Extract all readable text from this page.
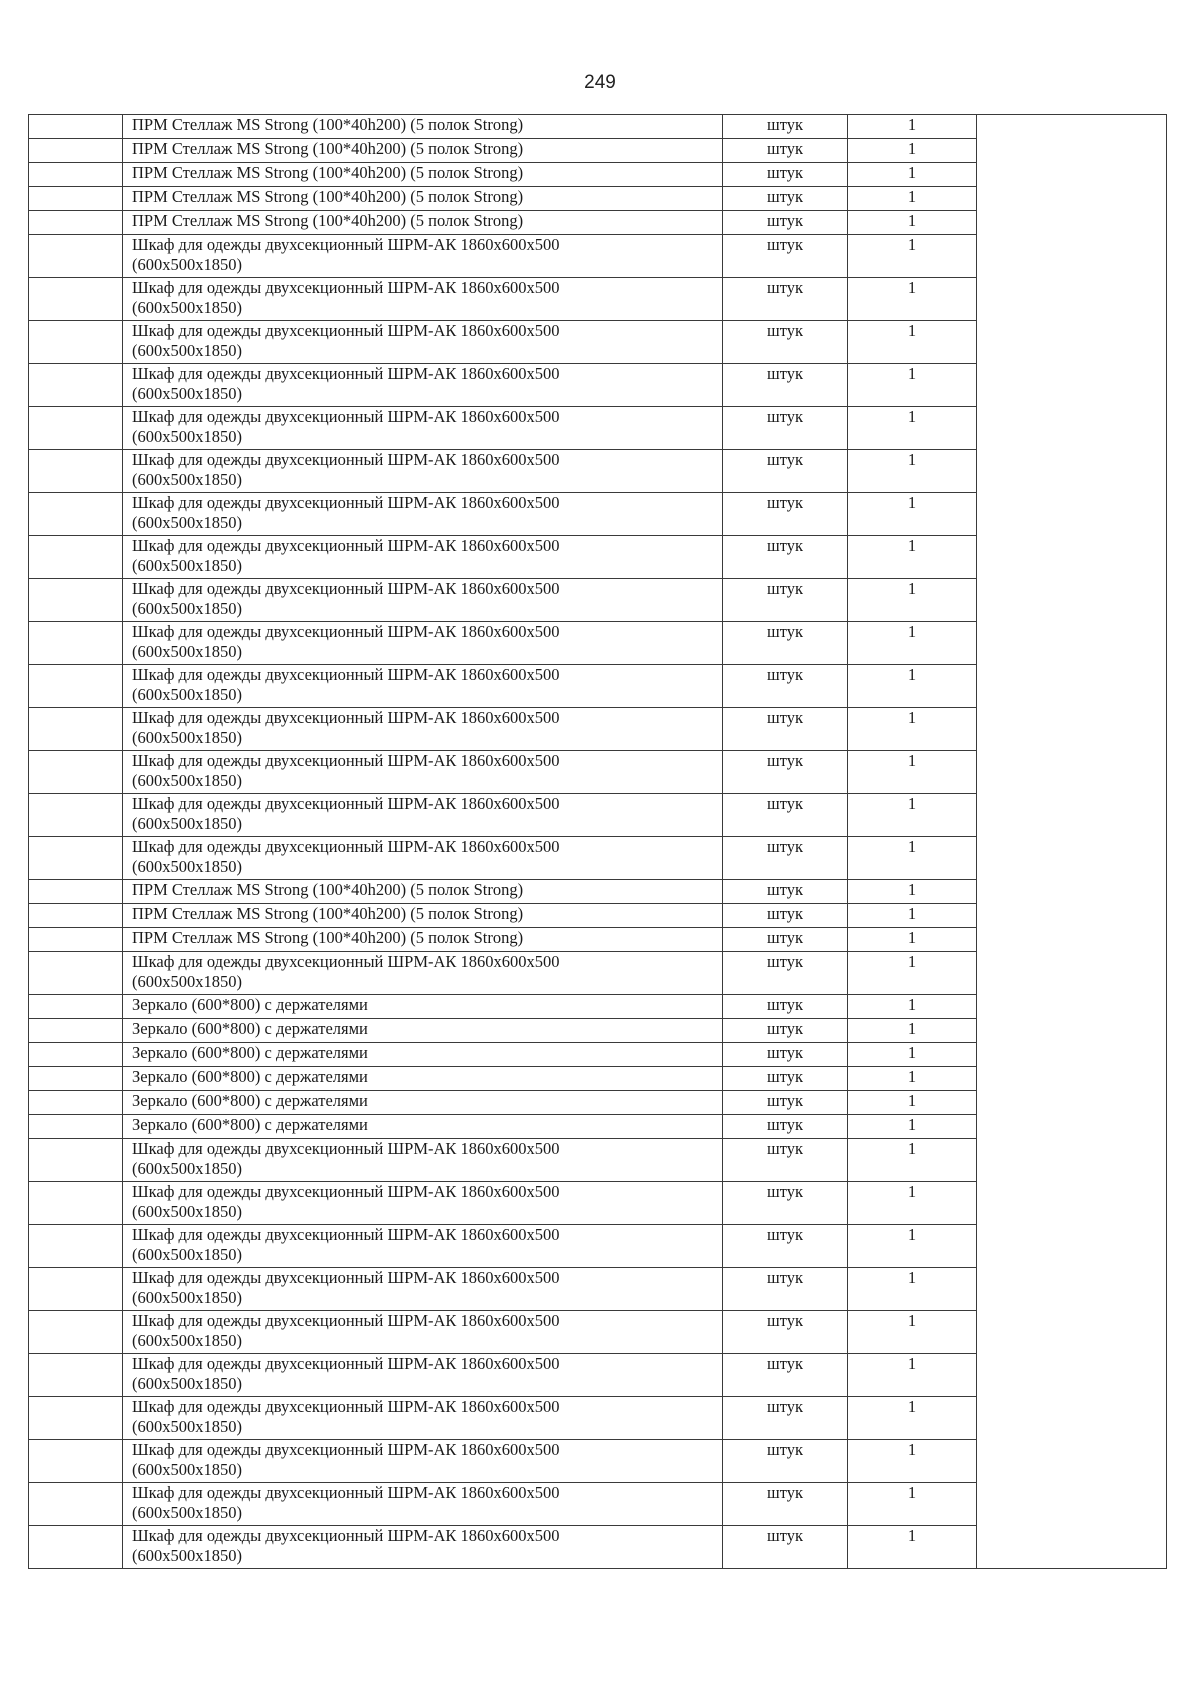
249

	ПРМ Стеллаж MS Strong (100*40h200) (5 полок Strong)	штук	1	

	ПРМ Стеллаж MS Strong (100*40h200) (5 полок Strong)	штук	1	

	ПРМ Стеллаж MS Strong (100*40h200) (5 полок Strong)	штук	1	

	ПРМ Стеллаж MS Strong (100*40h200) (5 полок Strong)	штук	1	

	ПРМ Стеллаж MS Strong (100*40h200) (5 полок Strong)	штук	1	

	Шкаф для одежды двухсекционный ШРМ-АК 1860х600х500
(600х500х1850)	штук	1	

	Шкаф для одежды двухсекционный ШРМ-АК 1860х600х500
(600х500х1850)	штук	1	

	Шкаф для одежды двухсекционный ШРМ-АК 1860х600х500
(600х500х1850)	штук	1	

	Шкаф для одежды двухсекционный ШРМ-АК 1860х600х500
(600х500х1850)	штук	1	

	Шкаф для одежды двухсекционный ШРМ-АК 1860х600х500
(600х500х1850)	штук	1	

	Шкаф для одежды двухсекционный ШРМ-АК 1860х600х500
(600х500х1850)	штук	1	

	Шкаф для одежды двухсекционный ШРМ-АК 1860х600х500
(600х500х1850)	штук	1	

	Шкаф для одежды двухсекционный ШРМ-АК 1860х600х500
(600х500х1850)	штук	1	

	Шкаф для одежды двухсекционный ШРМ-АК 1860х600х500
(600х500х1850)	штук	1	

	Шкаф для одежды двухсекционный ШРМ-АК 1860х600х500
(600х500х1850)	штук	1	

	Шкаф для одежды двухсекционный ШРМ-АК 1860х600х500
(600х500х1850)	штук	1	

	Шкаф для одежды двухсекционный ШРМ-АК 1860х600х500
(600х500х1850)	штук	1	

	Шкаф для одежды двухсекционный ШРМ-АК 1860х600х500
(600х500х1850)	штук	1	

	Шкаф для одежды двухсекционный ШРМ-АК 1860х600х500
(600х500х1850)	штук	1	

	Шкаф для одежды двухсекционный ШРМ-АК 1860х600х500
(600х500х1850)	штук	1	

	ПРМ Стеллаж MS Strong (100*40h200) (5 полок Strong)	штук	1	

	ПРМ Стеллаж MS Strong (100*40h200) (5 полок Strong)	штук	1	

	ПРМ Стеллаж MS Strong (100*40h200) (5 полок Strong)	штук	1	

	Шкаф для одежды двухсекционный ШРМ-АК 1860х600х500
(600х500х1850)	штук	1	

	Зеркало (600*800) с держателями	штук	1	

	Зеркало (600*800) с держателями	штук	1	

	Зеркало (600*800) с держателями	штук	1	

	Зеркало (600*800) с держателями	штук	1	

	Зеркало (600*800) с держателями	штук	1	

	Зеркало (600*800) с держателями	штук	1	

	Шкаф для одежды двухсекционный ШРМ-АК 1860х600х500
(600х500х1850)	штук	1	

	Шкаф для одежды двухсекционный ШРМ-АК 1860х600х500
(600х500х1850)	штук	1	

	Шкаф для одежды двухсекционный ШРМ-АК 1860х600х500
(600х500х1850)	штук	1	

	Шкаф для одежды двухсекционный ШРМ-АК 1860х600х500
(600х500х1850)	штук	1	

	Шкаф для одежды двухсекционный ШРМ-АК 1860х600х500
(600х500х1850)	штук	1	

	Шкаф для одежды двухсекционный ШРМ-АК 1860х600х500
(600х500х1850)	штук	1	

	Шкаф для одежды двухсекционный ШРМ-АК 1860х600х500
(600х500х1850)	штук	1	

	Шкаф для одежды двухсекционный ШРМ-АК 1860х600х500
(600х500х1850)	штук	1	

	Шкаф для одежды двухсекционный ШРМ-АК 1860х600х500
(600х500х1850)	штук	1	

	Шкаф для одежды двухсекционный ШРМ-АК 1860х600х500
(600х500х1850)	штук	1	
